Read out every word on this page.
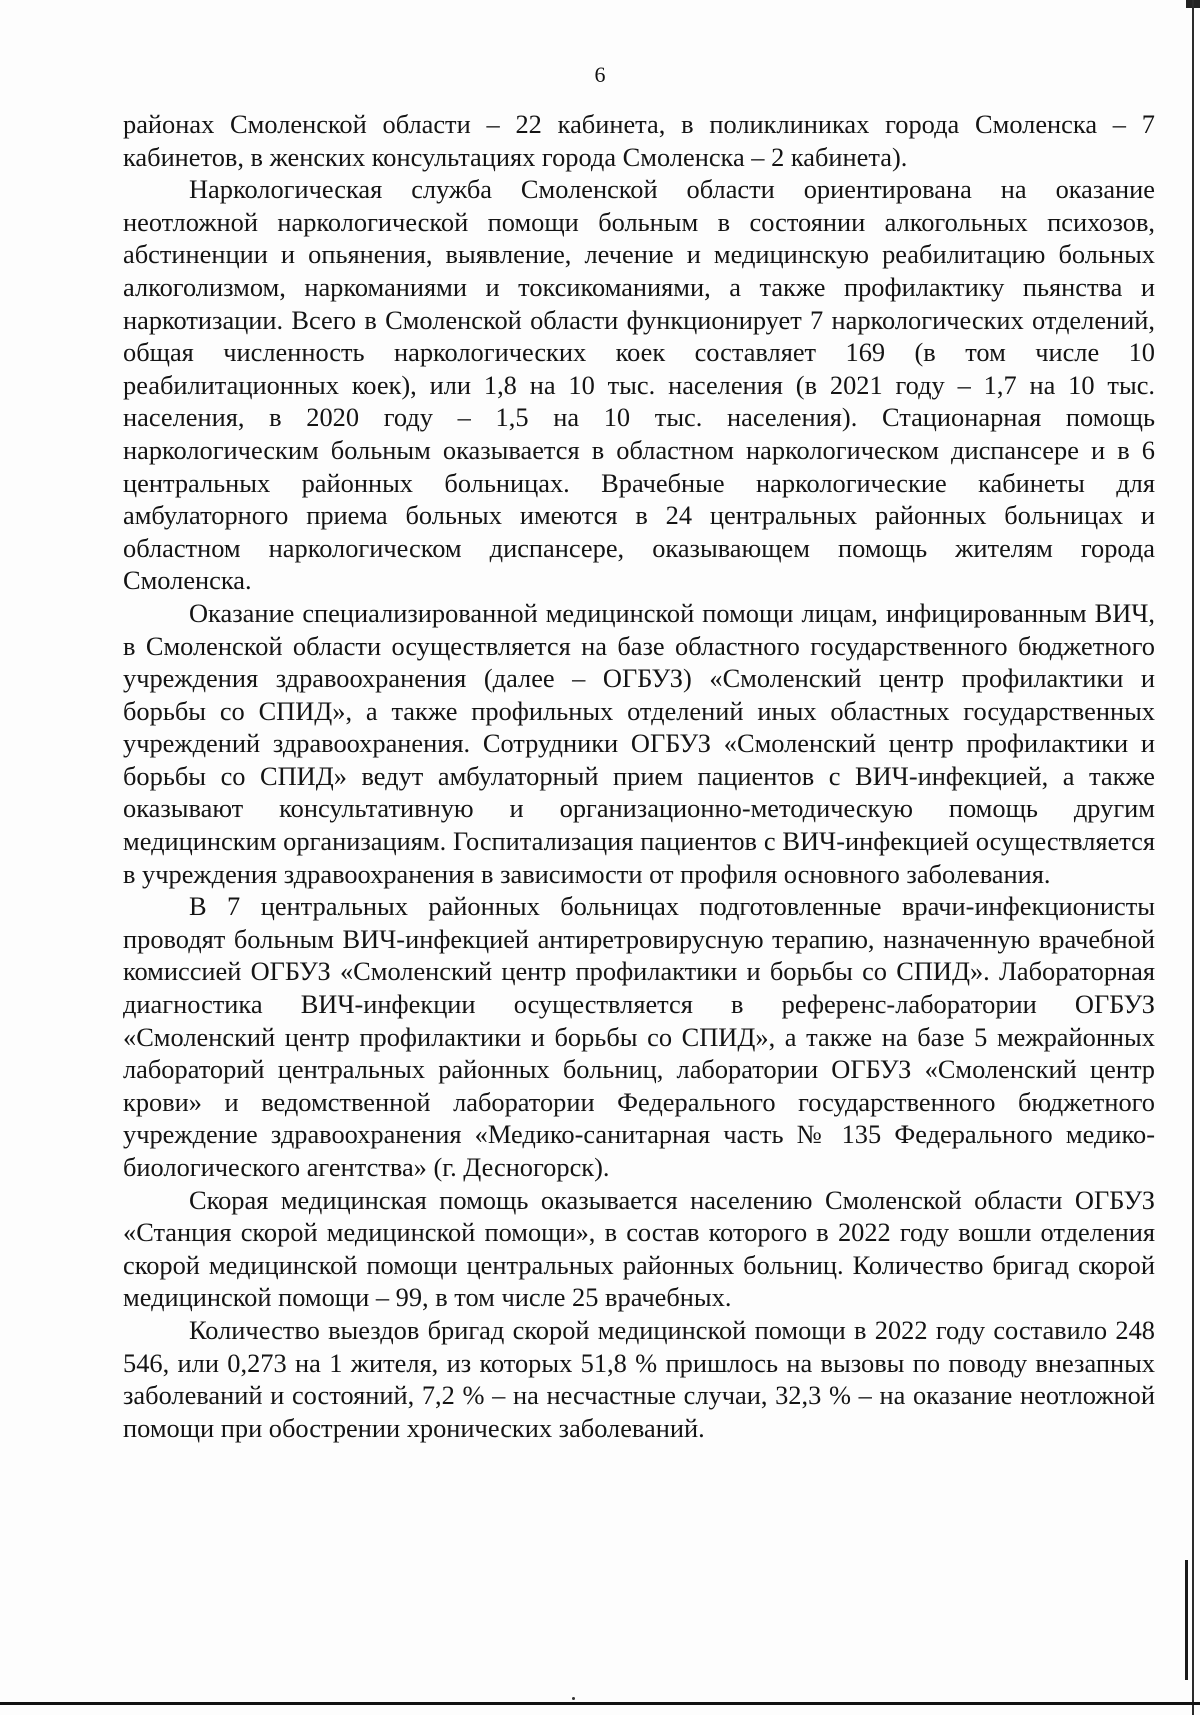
6

районах Смоленской области – 22 кабинета, в поликлиниках города Смоленска – 7 кабинетов, в женских консультациях города Смоленска – 2 кабинета).

Наркологическая служба Смоленской области ориентирована на оказание неотложной наркологической помощи больным в состоянии алкогольных психозов, абстиненции и опьянения, выявление, лечение и медицинскую реабилитацию больных алкоголизмом, наркоманиями и токсикоманиями, а также профилактику пьянства и наркотизации. Всего в Смоленской области функционирует 7 наркологических отделений, общая численность наркологических коек составляет 169 (в том числе 10 реабилитационных коек), или 1,8 на 10 тыс. населения (в 2021 году – 1,7 на 10 тыс. населения, в 2020 году – 1,5 на 10 тыс. населения). Стационарная помощь наркологическим больным оказывается в областном наркологическом диспансере и в 6 центральных районных больницах. Врачебные наркологические кабинеты для амбулаторного приема больных имеются в 24 центральных районных больницах и областном наркологическом диспансере, оказывающем помощь жителям города Смоленска.

Оказание специализированной медицинской помощи лицам, инфицированным ВИЧ, в Смоленской области осуществляется на базе областного государственного бюджетного учреждения здравоохранения (далее – ОГБУЗ) «Смоленский центр профилактики и борьбы со СПИД», а также профильных отделений иных областных государственных учреждений здравоохранения. Сотрудники ОГБУЗ «Смоленский центр профилактики и борьбы со СПИД» ведут амбулаторный прием пациентов с ВИЧ-инфекцией, а также оказывают консультативную и организационно-методическую помощь другим медицинским организациям. Госпитализация пациентов с ВИЧ-инфекцией осуществляется в учреждения здравоохранения в зависимости от профиля основного заболевания.

В 7 центральных районных больницах подготовленные врачи-инфекционисты проводят больным ВИЧ-инфекцией антиретровирусную терапию, назначенную врачебной комиссией ОГБУЗ «Смоленский центр профилактики и борьбы со СПИД». Лабораторная диагностика ВИЧ-инфекции осуществляется в референс-лаборатории ОГБУЗ «Смоленский центр профилактики и борьбы со СПИД», а также на базе 5 межрайонных лабораторий центральных районных больниц, лаборатории ОГБУЗ «Смоленский центр крови» и ведомственной лаборатории Федерального государственного бюджетного учреждение здравоохранения «Медико-санитарная часть № 135 Федерального медико-биологического агентства» (г. Десногорск).

Скорая медицинская помощь оказывается населению Смоленской области ОГБУЗ «Станция скорой медицинской помощи», в состав которого в 2022 году вошли отделения скорой медицинской помощи центральных районных больниц. Количество бригад скорой медицинской помощи – 99, в том числе 25 врачебных.

Количество выездов бригад скорой медицинской помощи в 2022 году составило 248 546, или 0,273 на 1 жителя, из которых 51,8 % пришлось на вызовы по поводу внезапных заболеваний и состояний, 7,2 % – на несчастные случаи, 32,3 % – на оказание неотложной помощи при обострении хронических заболеваний.
